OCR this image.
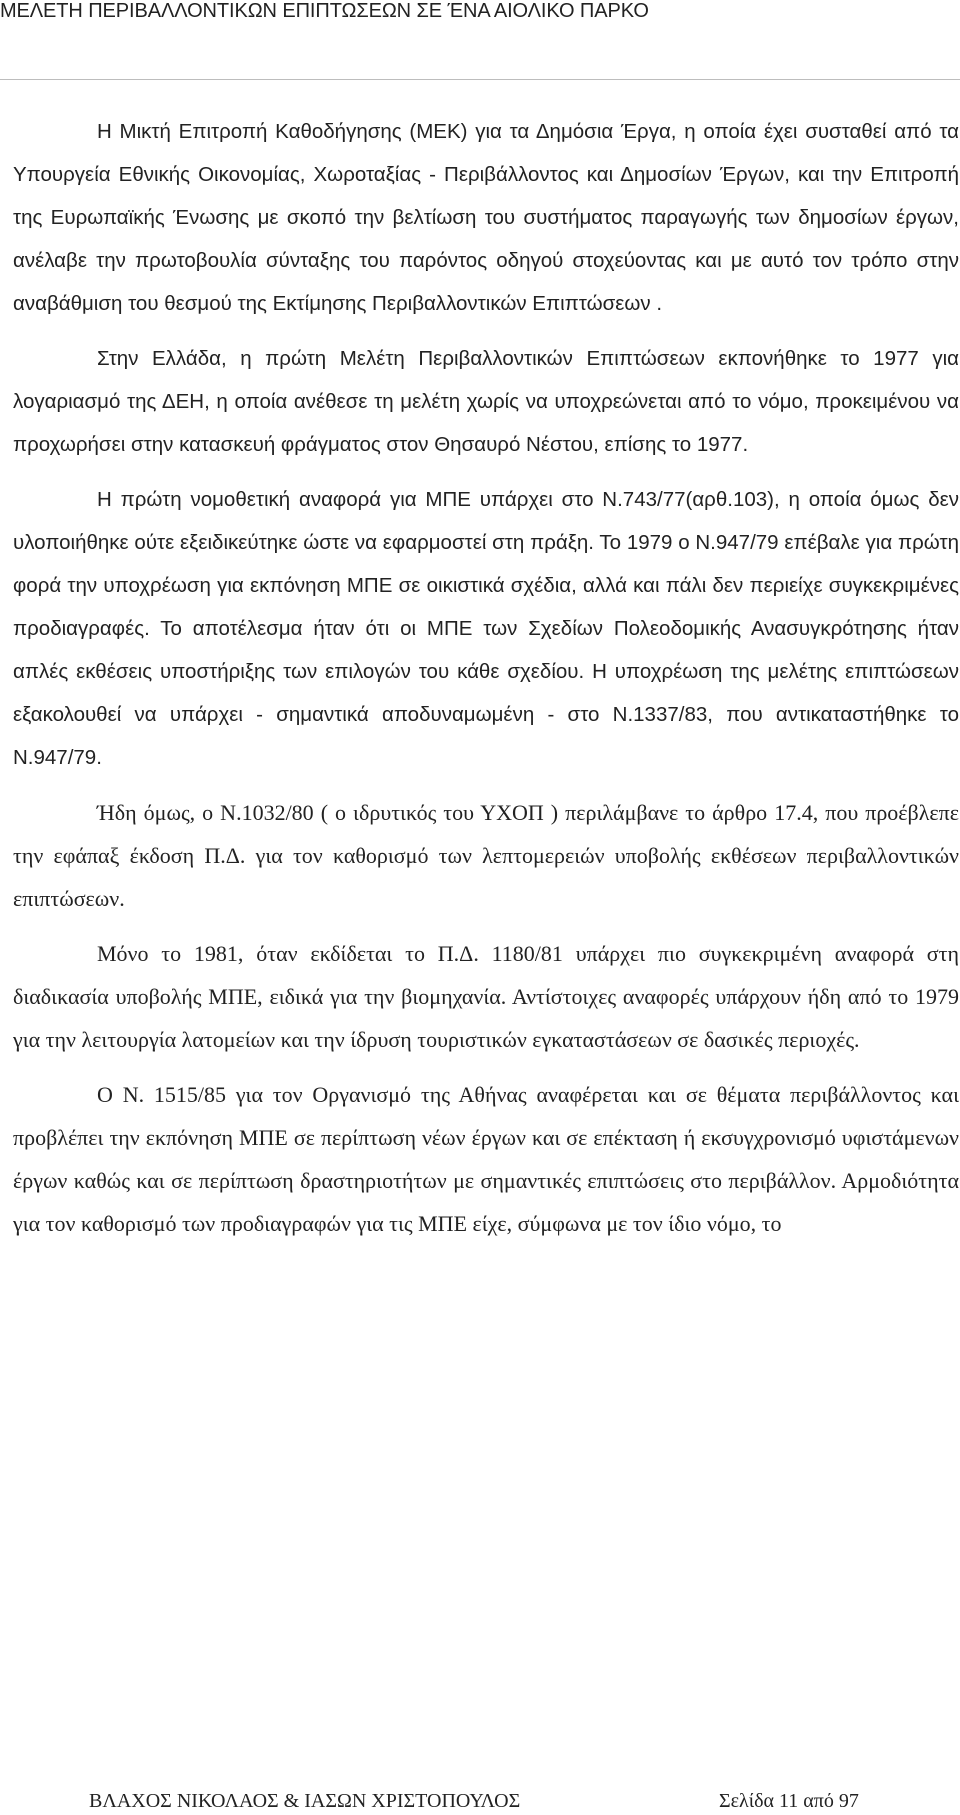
ΜΕΛΕΤΗ ΠΕΡΙΒΑΛΛΟΝΤΙΚΩΝ ΕΠΙΠΤΩΣΕΩΝ ΣΕ ΈΝΑ ΑΙΟΛΙΚΟ ΠΑΡΚΟ

Η Μικτή Επιτροπή Καθοδήγησης (ΜΕΚ) για τα Δημόσια Έργα, η οποία έχει συσταθεί από τα Υπουργεία Εθνικής Οικονομίας, Χωροταξίας - Περιβάλλοντος και Δημοσίων Έργων, και την Επιτροπή της Ευρωπαϊκής Ένωσης με σκοπό την βελτίωση του συστήματος παραγωγής των δημοσίων έργων, ανέλαβε την πρωτοβουλία σύνταξης του παρόντος οδηγού στοχεύοντας και με αυτό τον τρόπο στην αναβάθμιση του θεσμού της Εκτίμησης Περιβαλλοντικών Επιπτώσεων .

Στην Ελλάδα, η πρώτη Μελέτη Περιβαλλοντικών Επιπτώσεων εκπονήθηκε το 1977 για λογαριασμό της ΔΕΗ, η οποία ανέθεσε τη μελέτη χωρίς να υποχρεώνεται από το νόμο, προκειμένου να προχωρήσει στην κατασκευή φράγματος στον Θησαυρό Νέστου, επίσης το 1977.

Η πρώτη νομοθετική αναφορά για ΜΠΕ υπάρχει στο Ν.743/77(αρθ.103), η οποία όμως δεν υλοποιήθηκε ούτε εξειδικεύτηκε ώστε να εφαρμοστεί στη πράξη. Το 1979 ο Ν.947/79 επέβαλε για πρώτη φορά την υποχρέωση για εκπόνηση ΜΠΕ σε οικιστικά σχέδια, αλλά και πάλι δεν περιείχε συγκεκριμένες προδιαγραφές. Το αποτέλεσμα ήταν ότι οι ΜΠΕ των Σχεδίων Πολεοδομικής Ανασυγκρότησης ήταν απλές εκθέσεις υποστήριξης των επιλογών του κάθε σχεδίου. Η υποχρέωση της μελέτης επιπτώσεων εξακολουθεί να υπάρχει - σημαντικά αποδυναμωμένη - στο Ν.1337/83, που αντικαταστήθηκε το Ν.947/79.

Ήδη όμως, ο Ν.1032/80 ( ο ιδρυτικός του ΥΧΟΠ ) περιλάμβανε το άρθρο 17.4, που προέβλεπε την εφάπαξ έκδοση Π.Δ. για τον καθορισμό των λεπτομερειών υποβολής εκθέσεων περιβαλλοντικών επιπτώσεων.

Μόνο το 1981, όταν εκδίδεται το Π.Δ. 1180/81 υπάρχει πιο συγκεκριμένη αναφορά στη διαδικασία υποβολής ΜΠΕ, ειδικά για την βιομηχανία. Αντίστοιχες αναφορές υπάρχουν ήδη από το 1979 για την λειτουργία λατομείων και την ίδρυση τουριστικών εγκαταστάσεων σε δασικές περιοχές.

Ο Ν. 1515/85 για τον Οργανισμό της Αθήνας αναφέρεται και σε θέματα περιβάλλοντος και προβλέπει την εκπόνηση ΜΠΕ σε περίπτωση νέων έργων και σε επέκταση ή εκσυγχρονισμό υφιστάμενων έργων καθώς και σε περίπτωση δραστηριοτήτων με σημαντικές επιπτώσεις στο περιβάλλον. Αρμοδιότητα για τον καθορισμό των προδιαγραφών για τις ΜΠΕ είχε, σύμφωνα με τον ίδιο νόμο, το

ΒΛΑΧΟΣ ΝΙΚΟΛΑΟΣ & ΙΑΣΩΝ ΧΡΙΣΤΟΠΟΥΛΟΣ	Σελίδα 11 από 97
